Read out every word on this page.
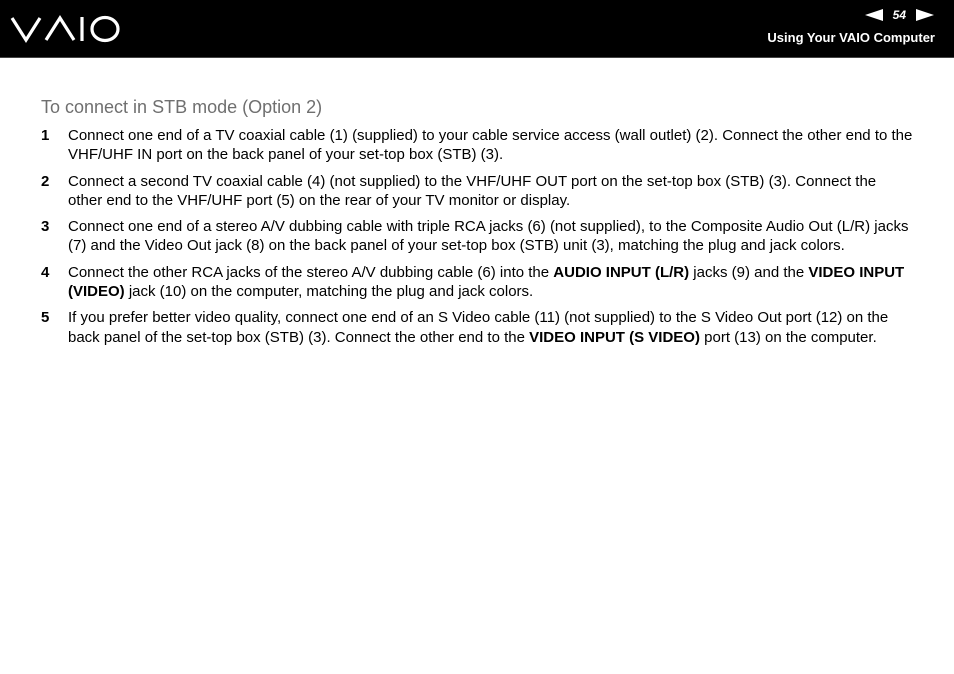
54
Using Your VAIO Computer
To connect in STB mode (Option 2)
1 Connect one end of a TV coaxial cable (1) (supplied) to your cable service access (wall outlet) (2). Connect the other end to the VHF/UHF IN port on the back panel of your set-top box (STB) (3).
2 Connect a second TV coaxial cable (4) (not supplied) to the VHF/UHF OUT port on the set-top box (STB) (3). Connect the other end to the VHF/UHF port (5) on the rear of your TV monitor or display.
3 Connect one end of a stereo A/V dubbing cable with triple RCA jacks (6) (not supplied), to the Composite Audio Out (L/R) jacks (7) and the Video Out jack (8) on the back panel of your set-top box (STB) unit (3), matching the plug and jack colors.
4 Connect the other RCA jacks of the stereo A/V dubbing cable (6) into the AUDIO INPUT (L/R) jacks (9) and the VIDEO INPUT (VIDEO) jack (10) on the computer, matching the plug and jack colors.
5 If you prefer better video quality, connect one end of an S Video cable (11) (not supplied) to the S Video Out port (12) on the back panel of the set-top box (STB) (3). Connect the other end to the VIDEO INPUT (S VIDEO) port (13) on the computer.
